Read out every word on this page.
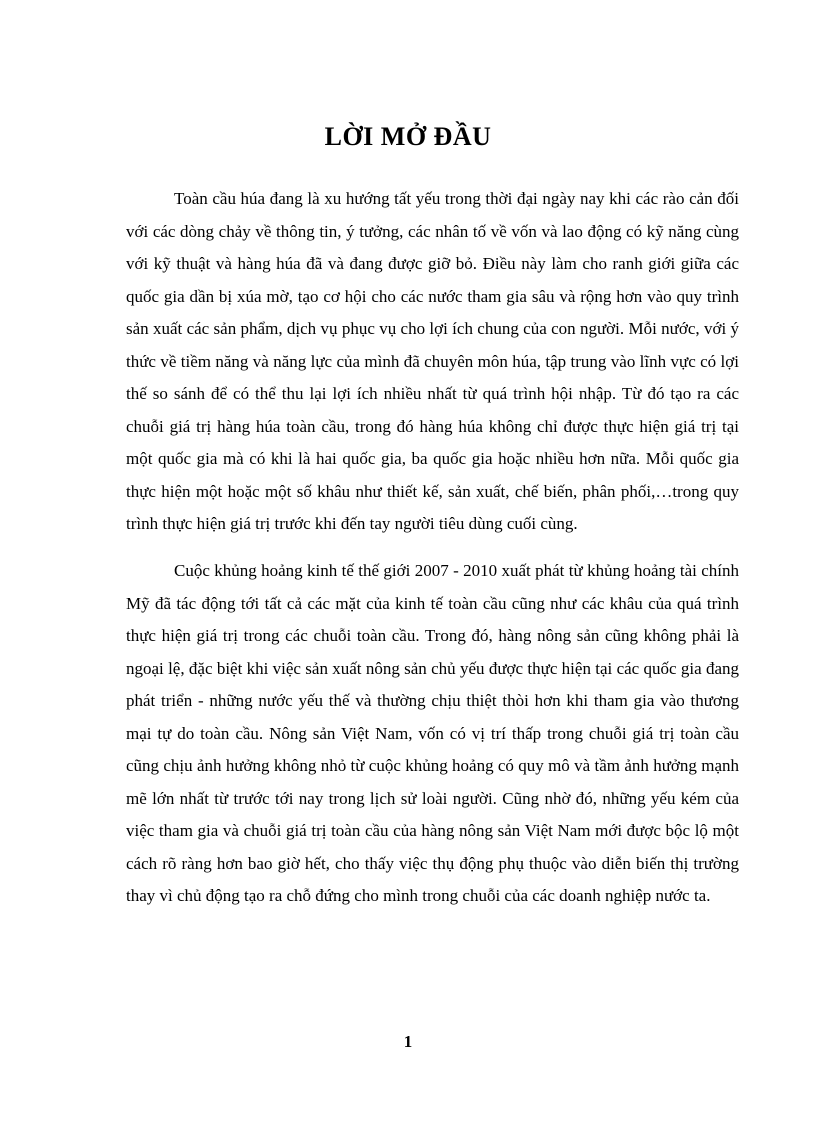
LỜI MỞ ĐẦU

Toàn cầu húa đang là xu hướng tất yếu trong thời đại ngày nay khi các rào cản đối với các dòng chảy về thông tin, ý tưởng, các nhân tố về vốn và lao động có kỹ năng cùng với kỹ thuật và hàng húa đã và đang được giỡ bỏ. Điều này làm cho ranh giới giữa các quốc gia dần bị xúa mờ, tạo cơ hội cho các nước tham gia sâu và rộng hơn vào quy trình sản xuất các sản phẩm, dịch vụ phục vụ cho lợi ích chung của con người. Mỗi nước, với ý thức về tiềm năng và năng lực của mình đã chuyên môn húa, tập trung vào lĩnh vực có lợi thế so sánh để có thể thu lại lợi ích nhiều nhất từ quá trình hội nhập. Từ đó tạo ra các chuỗi giá trị hàng húa toàn cầu, trong đó hàng húa không chỉ được thực hiện giá trị tại một quốc gia mà có khi là hai quốc gia, ba quốc gia hoặc nhiều hơn nữa. Mỗi quốc gia thực hiện một hoặc một số khâu như thiết kế, sản xuất, chế biến, phân phối,…trong quy trình thực hiện giá trị trước khi đến tay người tiêu dùng cuối cùng.

Cuộc khủng hoảng kinh tế thế giới 2007 - 2010 xuất phát từ khủng hoảng tài chính Mỹ đã tác động tới tất cả các mặt của kinh tế toàn cầu cũng như các khâu của quá trình thực hiện giá trị trong các chuỗi toàn cầu. Trong đó, hàng nông sản cũng không phải là ngoại lệ, đặc biệt khi việc sản xuất nông sản chủ yếu được thực hiện tại các quốc gia đang phát triển - những nước yếu thế và thường chịu thiệt thòi hơn khi tham gia vào thương mại tự do toàn cầu. Nông sản Việt Nam, vốn có vị trí thấp trong chuỗi giá trị toàn cầu cũng chịu ảnh hưởng không nhỏ từ cuộc khủng hoảng có quy mô và tầm ảnh hưởng mạnh mẽ lớn nhất từ trước tới nay trong lịch sử loài người. Cũng nhờ đó, những yếu kém của việc tham gia và chuỗi giá trị toàn cầu của hàng nông sản Việt Nam mới được bộc lộ một cách rõ ràng hơn bao giờ hết, cho thấy việc thụ động phụ thuộc vào diễn biến thị trường thay vì chủ động tạo ra chỗ đứng cho mình trong chuỗi của các doanh nghiệp nước ta.

1
